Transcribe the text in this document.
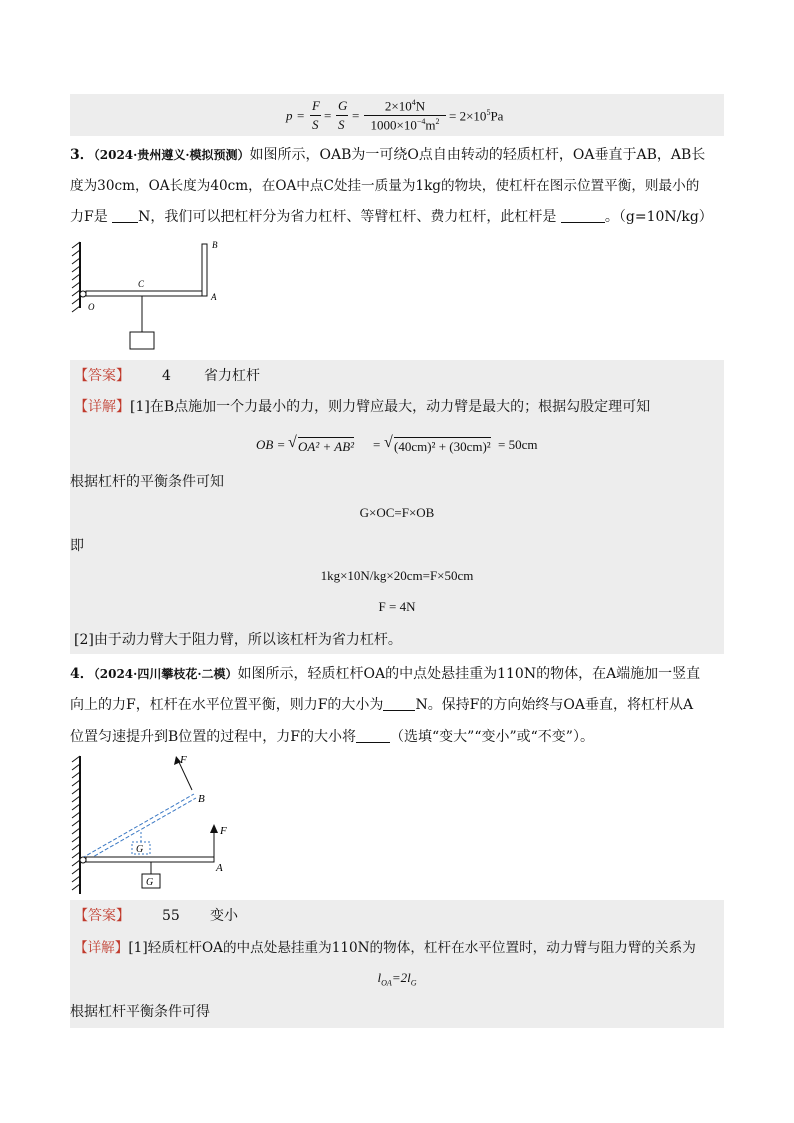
p =
F
S
=
G
S
=
$2\times 10^4N$
$1000\times 10^{-4}m^2 = 2\times 10^5Pa$
3．（2024·贵州遵义·模拟预测）如图所示，OAB为一可绕O点自由转动的轻质杠杆，OA垂直于AB，AB长
度为30cm，OA长度为40cm，在OA中点C处挂一质量为1kg的物块，使杠杆在图示位置平衡，则最小的
力F是 N，我们可以把杠杆分为省力杠杆、等臂杠杆、费力杠杆，此杠杆是	。（g=10N/kg）
B
C
O
A
【答案】 4 省力杠杆
【详解】[1]在B点施加一个力最小的力，则力臂应最大，动力臂是最大的；根据勾股定理可知
OB = √ OA² + AB² = √ (40cm)² + (30cm)² = 50cm
根据杠杆的平衡条件可知
G×OC=F×OB
即
1kg×10N/kg×20cm=F×50cm
F = 4N
[2]由于动力臂大于阻力臂，所以该杠杆为省力杠杆。
4．（2024·四川攀枝花·二模）如图所示，轻质杠杆OA的中点处悬挂重为110N的物体，在A端施加一竖直
向上的力F，杠杆在水平位置平衡，则力F的大小为 N。保持F的方向始终与OA垂直，将杠杆从A
位置匀速提升到B位置的过程中，力F的大小将 （选填“变大”“变小”或“不变”）。
F
B
G
F
A
G
【答案】 55 变小
【详解】[1]轻质杠杆OA的中点处悬挂重为110N的物体，杠杆在水平位置时，动力臂与阻力臂的关系为
$l_{OA}=2l_G$
根据杠杆平衡条件可得
